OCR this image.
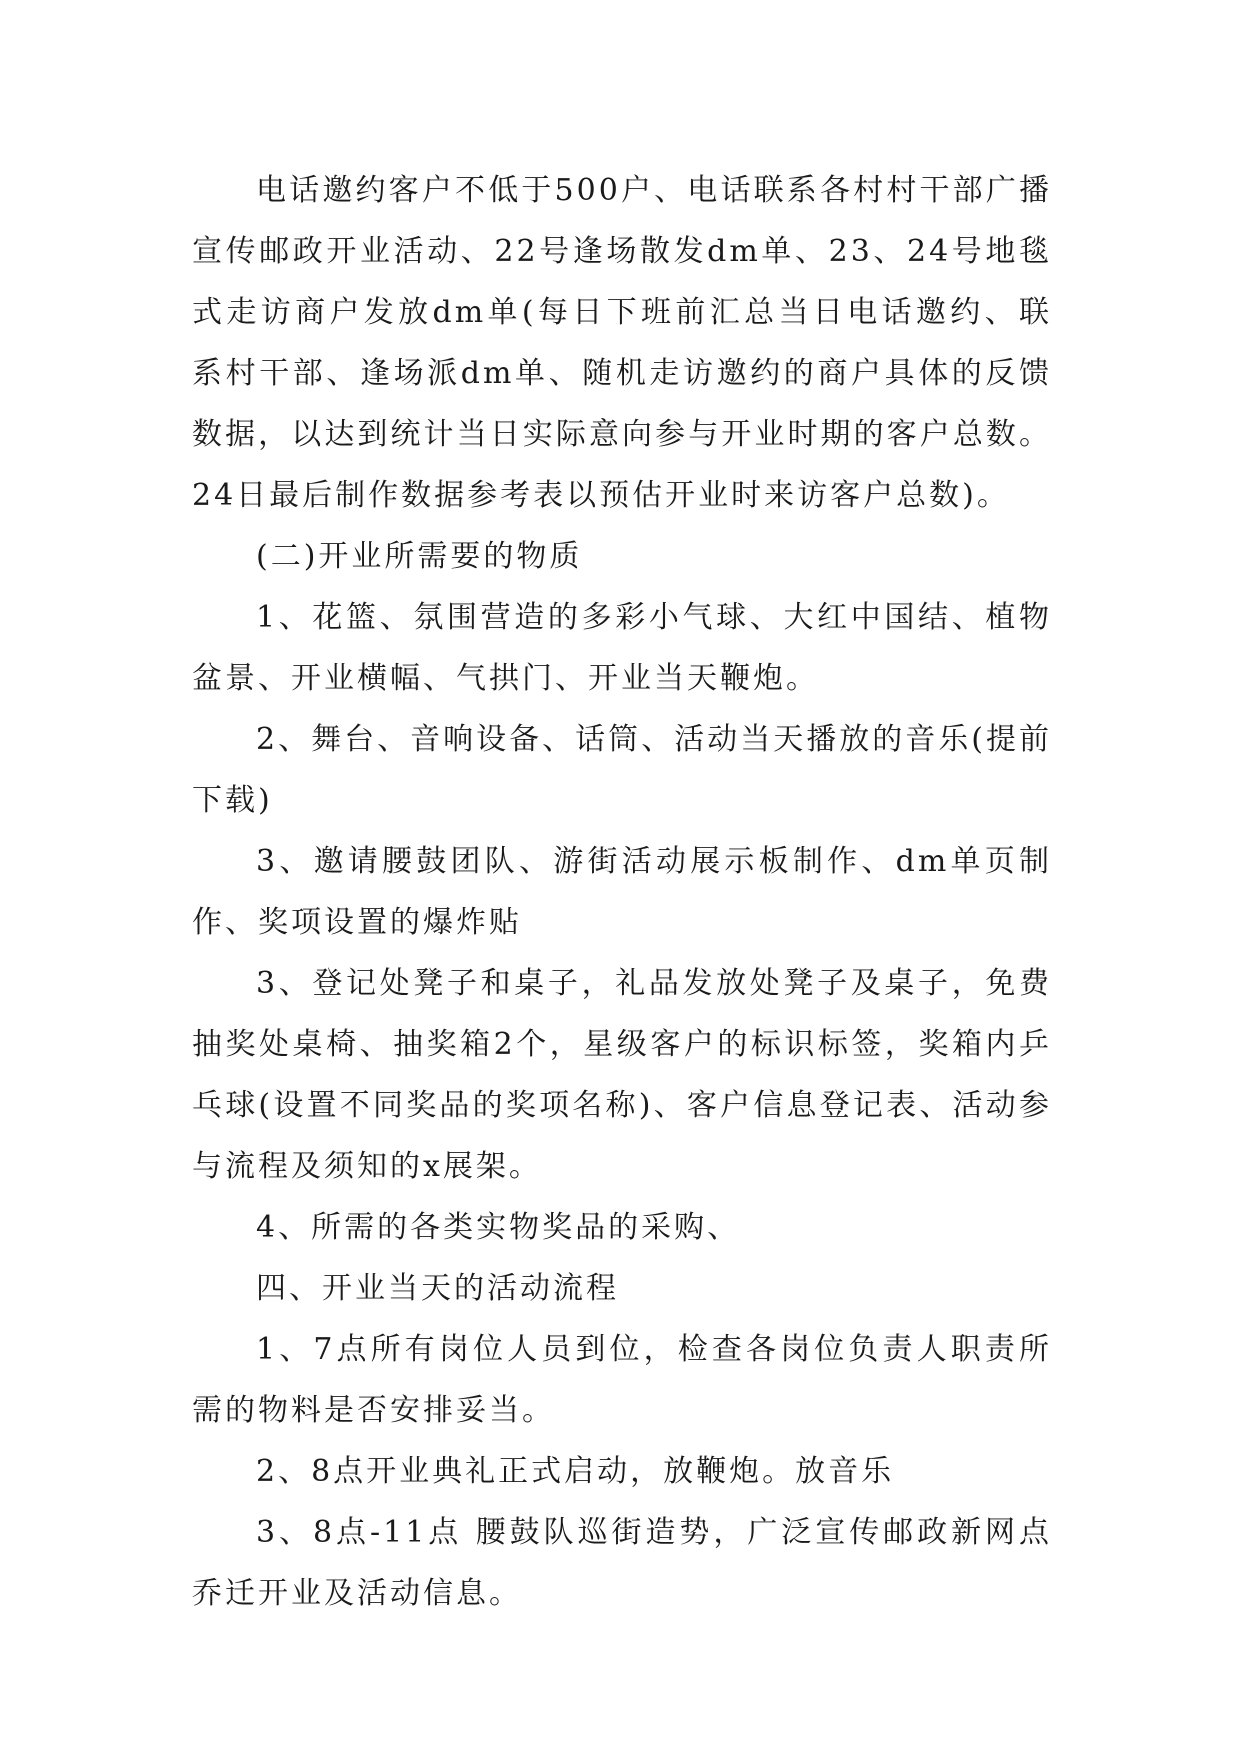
电话邀约客户不低于500户、电话联系各村村干部广播宣传邮政开业活动、22号逢场散发dm单、23、24号地毯式走访商户发放dm单(每日下班前汇总当日电话邀约、联系村干部、逢场派dm单、随机走访邀约的商户具体的反馈数据，以达到统计当日实际意向参与开业时期的客户总数。24日最后制作数据参考表以预估开业时来访客户总数)。

(二)开业所需要的物质

1、花篮、氛围营造的多彩小气球、大红中国结、植物盆景、开业横幅、气拱门、开业当天鞭炮。

2、舞台、音响设备、话筒、活动当天播放的音乐(提前下载)

3、邀请腰鼓团队、游街活动展示板制作、dm单页制作、奖项设置的爆炸贴

3、登记处凳子和桌子，礼品发放处凳子及桌子，免费抽奖处桌椅、抽奖箱2个，星级客户的标识标签，奖箱内乒乓球(设置不同奖品的奖项名称)、客户信息登记表、活动参与流程及须知的x展架。

4、所需的各类实物奖品的采购、

四、开业当天的活动流程

1、7点所有岗位人员到位，检查各岗位负责人职责所需的物料是否安排妥当。

2、8点开业典礼正式启动，放鞭炮。放音乐

3、8点-11点 腰鼓队巡街造势，广泛宣传邮政新网点乔迁开业及活动信息。
